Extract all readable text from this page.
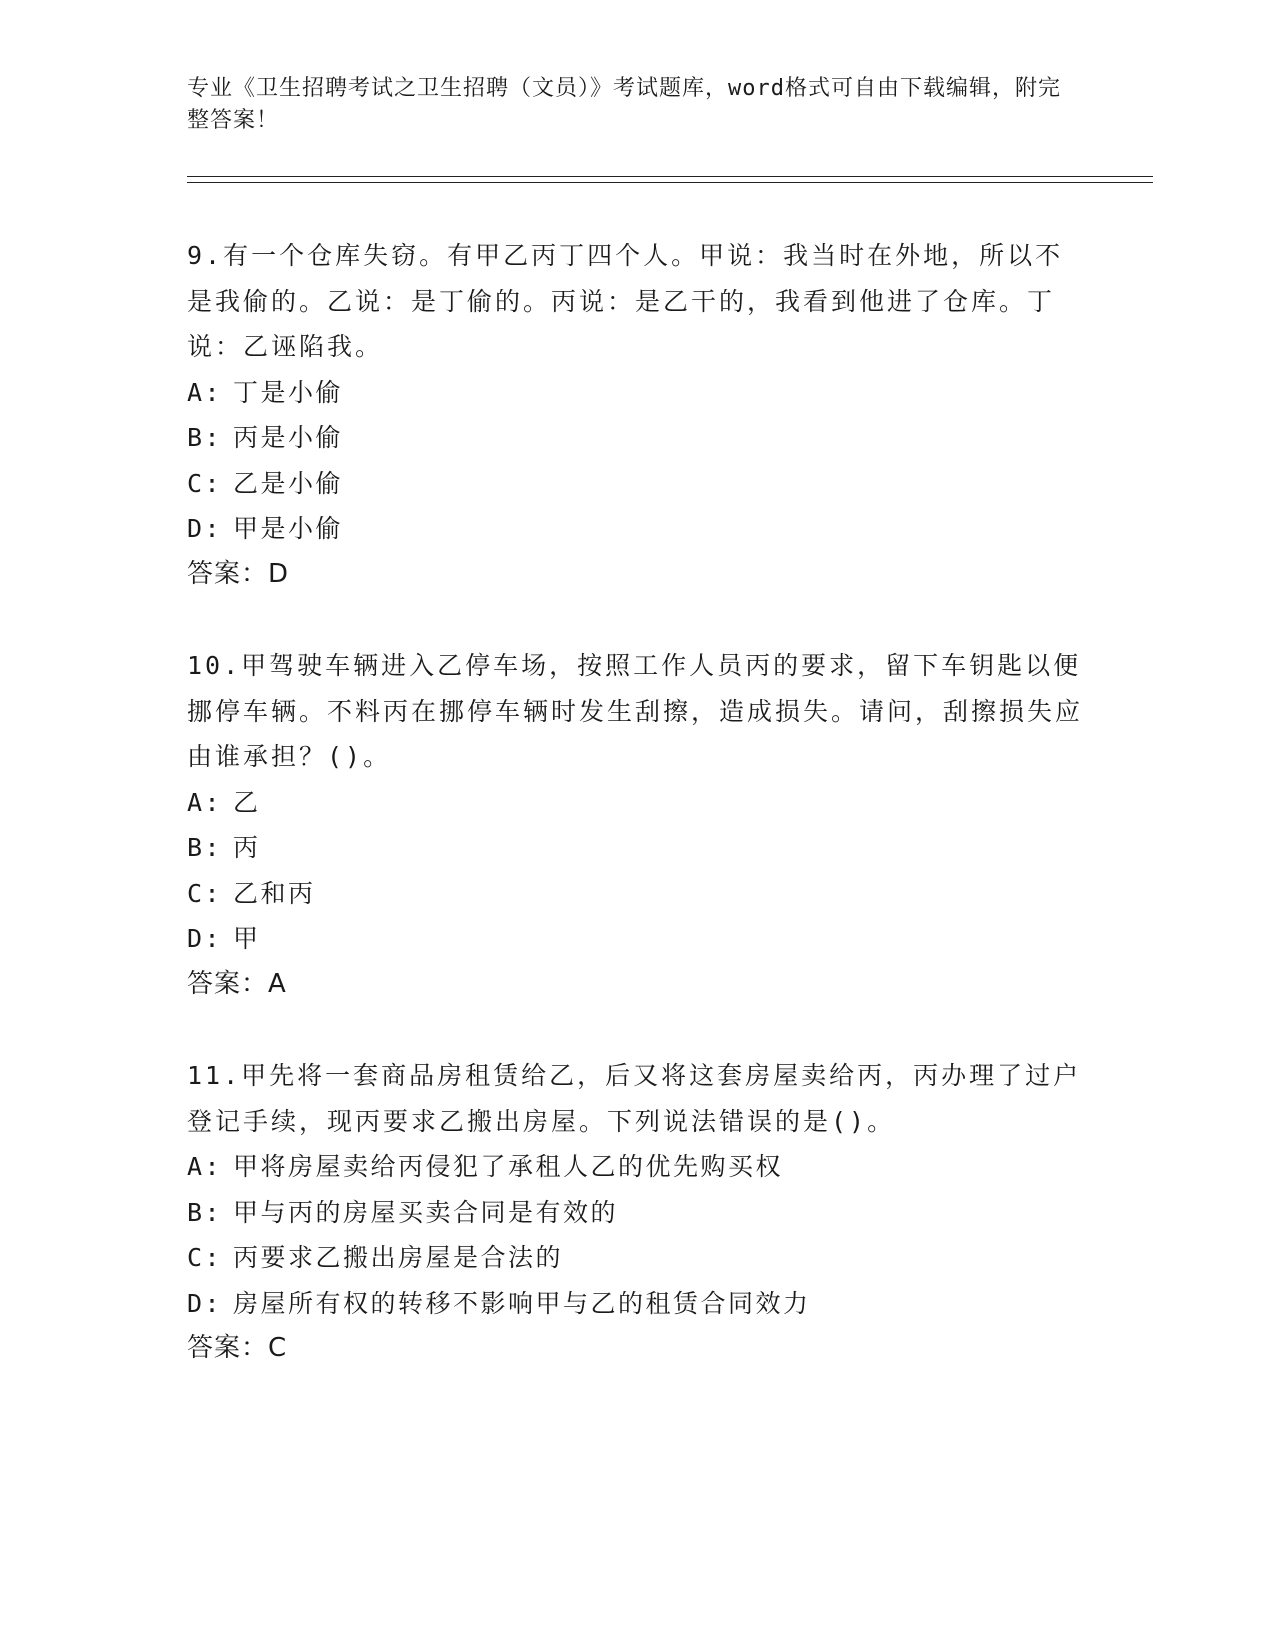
专业《卫生招聘考试之卫生招聘（文员）》考试题库，word格式可自由下载编辑，附完整答案！

9.有一个仓库失窃。有甲乙丙丁四个人。甲说：我当时在外地，所以不是我偷的。乙说：是丁偷的。丙说：是乙干的，我看到他进了仓库。丁说：乙诬陷我。

A: 丁是小偷

B: 丙是小偷

C: 乙是小偷

D: 甲是小偷

答案：D

10.甲驾驶车辆进入乙停车场，按照工作人员丙的要求，留下车钥匙以便挪停车辆。不料丙在挪停车辆时发生刮擦，造成损失。请问，刮擦损失应由谁承担？()。

A: 乙

B: 丙

C: 乙和丙

D: 甲

答案：A

11.甲先将一套商品房租赁给乙，后又将这套房屋卖给丙，丙办理了过户登记手续，现丙要求乙搬出房屋。下列说法错误的是()。

A: 甲将房屋卖给丙侵犯了承租人乙的优先购买权

B: 甲与丙的房屋买卖合同是有效的

C: 丙要求乙搬出房屋是合法的

D: 房屋所有权的转移不影响甲与乙的租赁合同效力

答案：C
